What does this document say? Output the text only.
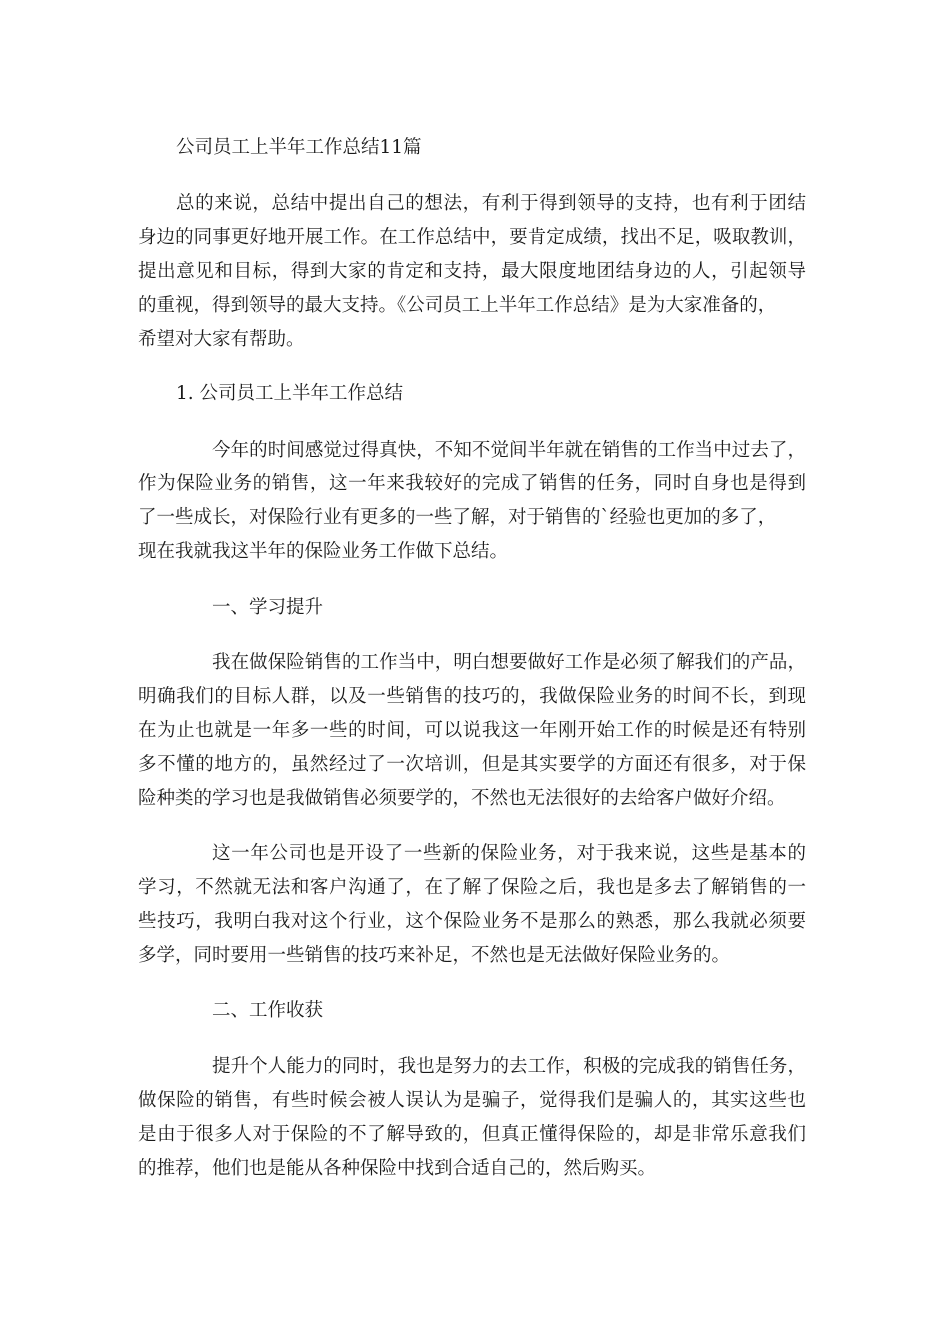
公司员工上半年工作总结11篇

总的来说，总结中提出自己的想法，有利于得到领导的支持，也有利于团结

身边的同事更好地开展工作。在工作总结中，要肯定成绩，找出不足，吸取教训，

提出意见和目标，得到大家的肯定和支持，最大限度地团结身边的人，引起领导

的重视，得到领导的最大支持。《公司员工上半年工作总结》是为大家准备的，

希望对大家有帮助。

1. 公司员工上半年工作总结

今年的时间感觉过得真快，不知不觉间半年就在销售的工作当中过去了，

作为保险业务的销售，这一年来我较好的完成了销售的任务，同时自身也是得到

了一些成长，对保险行业有更多的一些了解，对于销售的`经验也更加的多了，

现在我就我这半年的保险业务工作做下总结。

一、学习提升

我在做保险销售的工作当中，明白想要做好工作是必须了解我们的产品，

明确我们的目标人群，以及一些销售的技巧的，我做保险业务的时间不长，到现

在为止也就是一年多一些的时间，可以说我这一年刚开始工作的时候是还有特别

多不懂的地方的，虽然经过了一次培训，但是其实要学的方面还有很多，对于保

险种类的学习也是我做销售必须要学的，不然也无法很好的去给客户做好介绍。

这一年公司也是开设了一些新的保险业务，对于我来说，这些是基本的

学习，不然就无法和客户沟通了，在了解了保险之后，我也是多去了解销售的一

些技巧，我明白我对这个行业，这个保险业务不是那么的熟悉，那么我就必须要

多学，同时要用一些销售的技巧来补足，不然也是无法做好保险业务的。

二、工作收获

提升个人能力的同时，我也是努力的去工作，积极的完成我的销售任务，

做保险的销售，有些时候会被人误认为是骗子，觉得我们是骗人的，其实这些也

是由于很多人对于保险的不了解导致的，但真正懂得保险的，却是非常乐意我们

的推荐，他们也是能从各种保险中找到合适自己的，然后购买。
